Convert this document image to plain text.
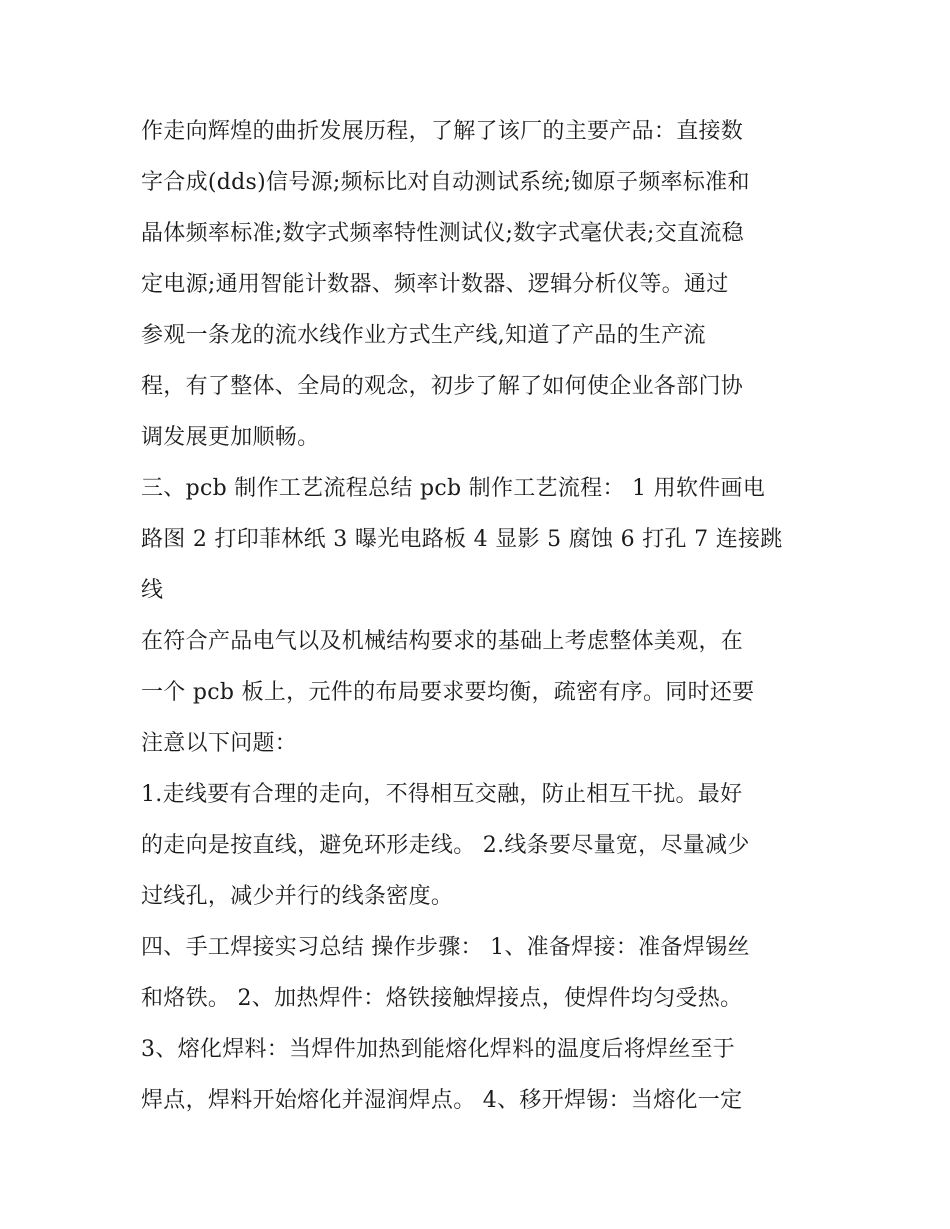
作走向辉煌的曲折发展历程，了解了该厂的主要产品：直接数
字合成(dds)信号源;频标比对自动测试系统;铷原子频率标准和
晶体频率标准;数字式频率特性测试仪;数字式毫伏表;交直流稳
定电源;通用智能计数器、频率计数器、逻辑分析仪等。通过
参观一条龙的流水线作业方式生产线,知道了产品的生产流
程，有了整体、全局的观念，初步了解了如何使企业各部门协
调发展更加顺畅。
三、pcb 制作工艺流程总结 pcb 制作工艺流程： 1 用软件画电
路图 2 打印菲林纸 3 曝光电路板 4 显影 5 腐蚀 6 打孔 7 连接跳
线
在符合产品电气以及机械结构要求的基础上考虑整体美观，在
一个 pcb 板上，元件的布局要求要均衡，疏密有序。同时还要
注意以下问题：
1.走线要有合理的走向，不得相互交融，防止相互干扰。最好
的走向是按直线，避免环形走线。 2.线条要尽量宽，尽量减少
过线孔，减少并行的线条密度。
四、手工焊接实习总结 操作步骤： 1、准备焊接：准备焊锡丝
和烙铁。 2、加热焊件：烙铁接触焊接点，使焊件均匀受热。
3、熔化焊料：当焊件加热到能熔化焊料的温度后将焊丝至于
焊点，焊料开始熔化并湿润焊点。 4、移开焊锡：当熔化一定
